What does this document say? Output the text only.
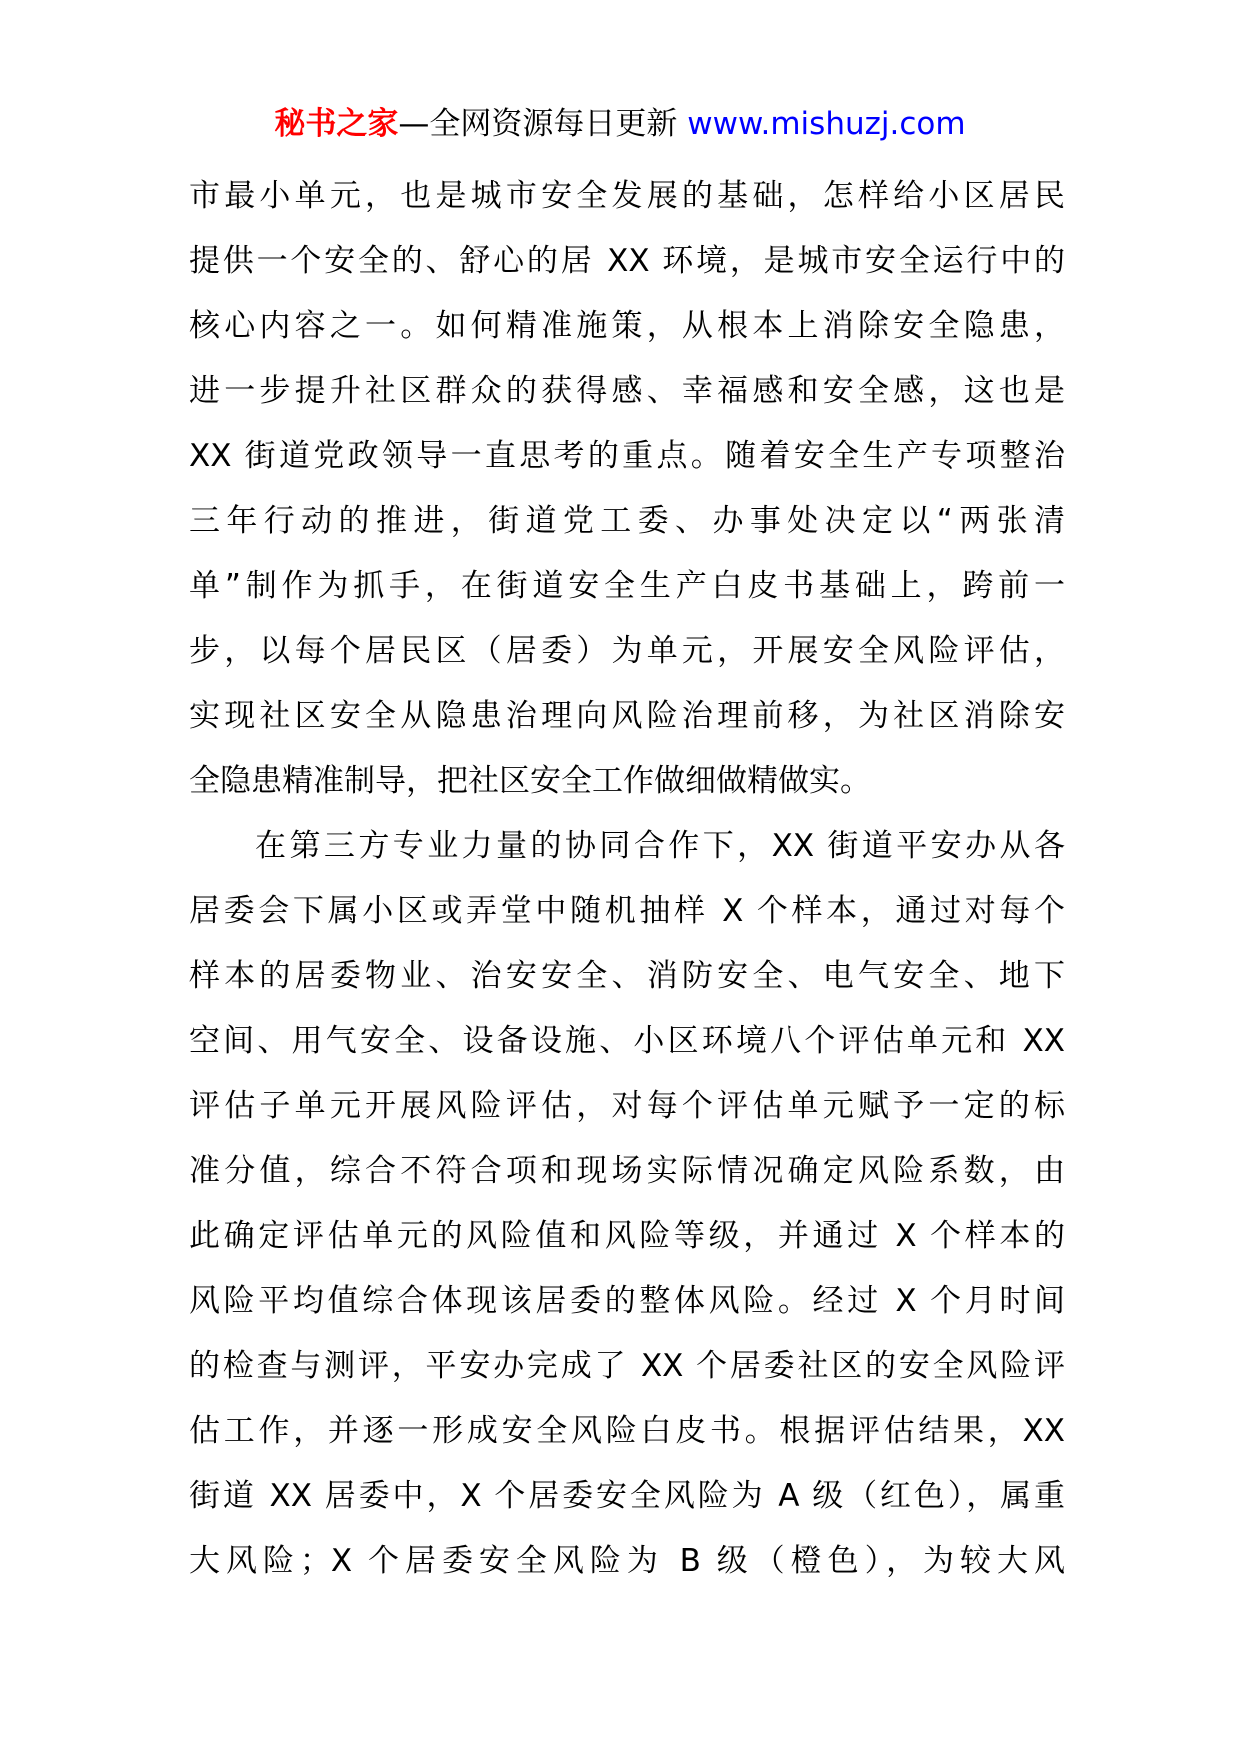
秘书之家—全网资源每日更新 www.mishuzj.com
市最小单元，也是城市安全发展的基础，怎样给小区居民
提供一个安全的、舒心的居 XX 环境，是城市安全运行中的
核心内容之一。如何精准施策，从根本上消除安全隐患，
进一步提升社区群众的获得感、幸福感和安全感，这也是
XX 街道党政领导一直思考的重点。随着安全生产专项整治
三年行动的推进，街道党工委、办事处决定以“两张清
单”制作为抓手，在街道安全生产白皮书基础上，跨前一
步，以每个居民区（居委）为单元，开展安全风险评估，
实现社区安全从隐患治理向风险治理前移，为社区消除安
全隐患精准制导，把社区安全工作做细做精做实。
在第三方专业力量的协同合作下，XX 街道平安办从各
居委会下属小区或弄堂中随机抽样 X 个样本，通过对每个
样本的居委物业、治安安全、消防安全、电气安全、地下
空间、用气安全、设备设施、小区环境八个评估单元和 XX
评估子单元开展风险评估，对每个评估单元赋予一定的标
准分值，综合不符合项和现场实际情况确定风险系数，由
此确定评估单元的风险值和风险等级，并通过 X 个样本的
风险平均值综合体现该居委的整体风险。经过 X 个月时间
的检查与测评，平安办完成了 XX 个居委社区的安全风险评
估工作，并逐一形成安全风险白皮书。根据评估结果，XX
街道 XX 居委中，X 个居委安全风险为 A 级（红色），属重
大风险；X 个居委安全风险为 B 级（橙色），为较大风
